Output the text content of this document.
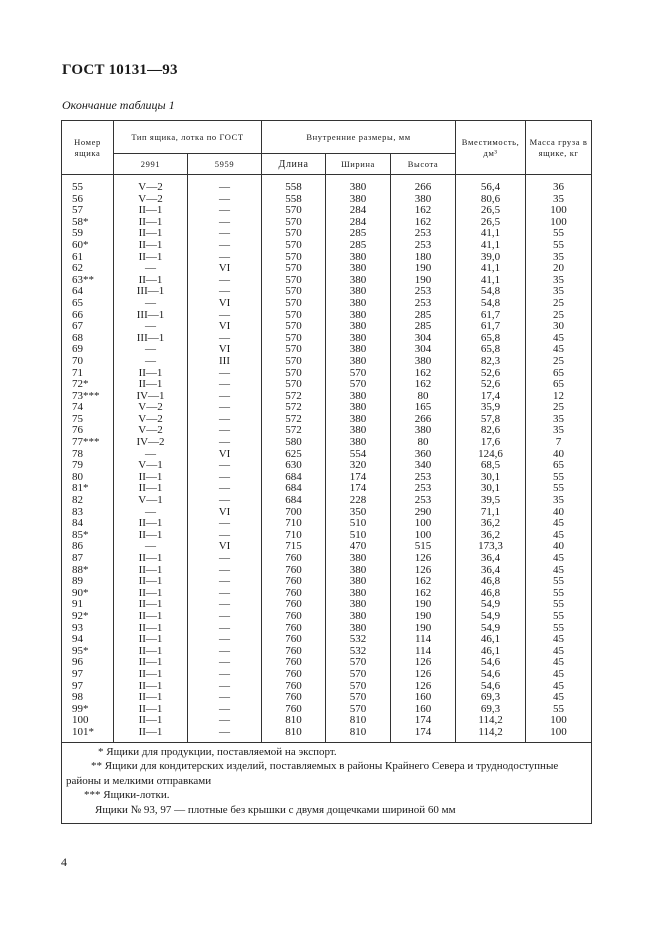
ГОСТ 10131—93
Окончание таблицы 1
Номер ящика	Тип ящика, лотка по ГОСТ		Внутренние размеры, мм			Вместимость, дм³	Масса груза в ящике, кг
	2991	5959	Длина	Ширина	Высота		
55	V—2	—	558	380	266	56,4	36
56	V—2	—	558	380	380	80,6	35
57	II—1	—	570	284	162	26,5	100
58*	II—1	—	570	284	162	26,5	100
59	II—1	—	570	285	253	41,1	55
60*	II—1	—	570	285	253	41,1	55
61	II—1	—	570	380	180	39,0	35
62	—	VI	570	380	190	41,1	20
63**	II—1	—	570	380	190	41,1	35
64	III—1	—	570	380	253	54,8	35
65	—	VI	570	380	253	54,8	25
66	III—1	—	570	380	285	61,7	25
67	—	VI	570	380	285	61,7	30
68	III—1	—	570	380	304	65,8	45
69	—	VI	570	380	304	65,8	45
70	—	III	570	380	380	82,3	25
71	II—1	—	570	570	162	52,6	65
72*	II—1	—	570	570	162	52,6	65
73***	IV—1	—	572	380	80	17,4	12
74	V—2	—	572	380	165	35,9	25
75	V—2	—	572	380	266	57,8	35
76	V—2	—	572	380	380	82,6	35
77***	IV—2	—	580	380	80	17,6	7
78	—	VI	625	554	360	124,6	40
79	V—1	—	630	320	340	68,5	65
80	II—1	—	684	174	253	30,1	55
81*	II—1	—	684	174	253	30,1	55
82	V—1	—	684	228	253	39,5	35
83	—	VI	700	350	290	71,1	40
84	II—1	—	710	510	100	36,2	45
85*	II—1	—	710	510	100	36,2	45
86	—	VI	715	470	515	173,3	40
87	II—1	—	760	380	126	36,4	45
88*	II—1	—	760	380	126	36,4	45
89	II—1	—	760	380	162	46,8	55
90*	II—1	—	760	380	162	46,8	55
91	II—1	—	760	380	190	54,9	55
92*	II—1	—	760	380	190	54,9	55
93	II—1	—	760	380	190	54,9	55
94	II—1	—	760	532	114	46,1	45
95*	II—1	—	760	532	114	46,1	45
96	II—1	—	760	570	126	54,6	45
97	II—1	—	760	570	126	54,6	45
97	II—1	—	760	570	126	54,6	45
98	II—1	—	760	570	160	69,3	45
99*	II—1	—	760	570	160	69,3	55
100	II—1	—	810	810	174	114,2	100
101*	II—1	—	810	810	174	114,2	100

* Ящики для продукции, поставляемой на экспорт.
** Ящики для кондитерских изделий, поставляемых в районы Крайнего Севера и труднодоступные
районы и мелкими отправками
*** Ящики-лотки.
Ящики № 93, 97 — плотные без крышки с двумя дощечками шириной 60 мм							
4
